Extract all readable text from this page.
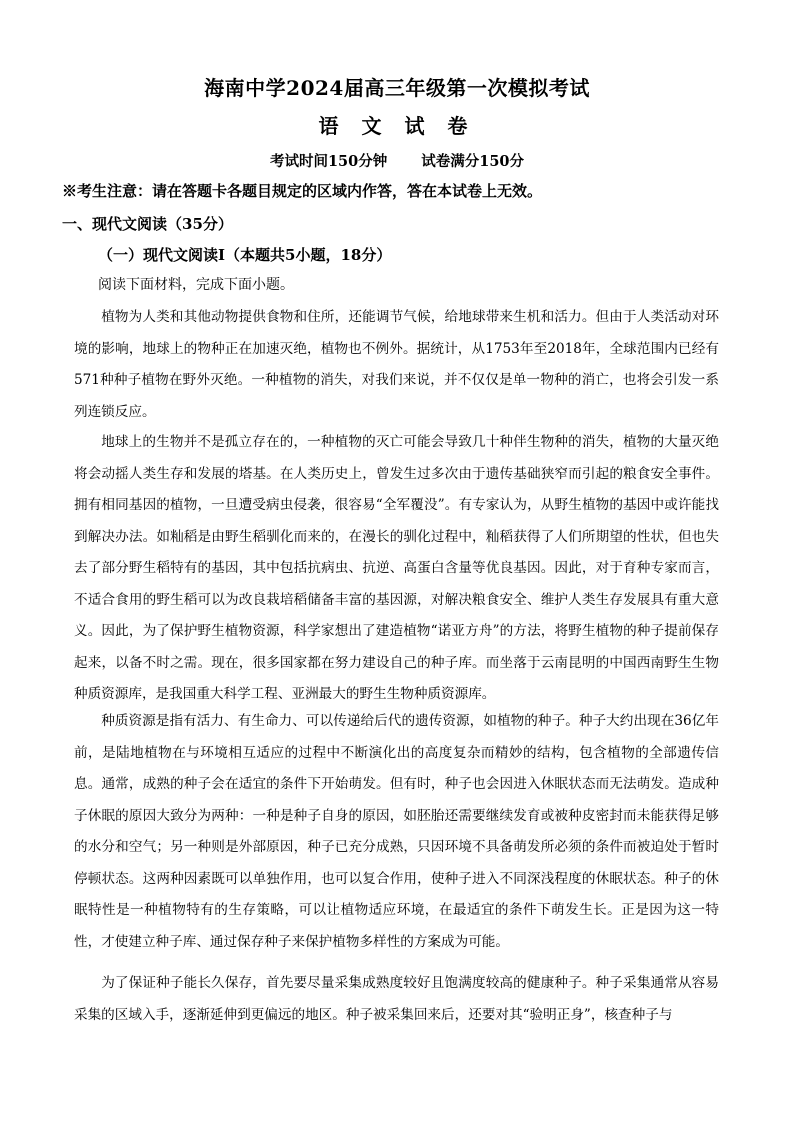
海南中学2024届高三年级第一次模拟考试
语 文 试 卷
考试时间150分钟 试卷满分150分
※考生注意：请在答题卡各题目规定的区域内作答，答在本试卷上无效。
一、现代文阅读（35分）
（一）现代文阅读Ⅰ（本题共5小题，18分）
阅读下面材料，完成下面小题。
植物为人类和其他动物提供食物和住所，还能调节气候，给地球带来生机和活力。但由于人类活动对环境的影响，地球上的物种正在加速灭绝，植物也不例外。据统计，从1753年至2018年，全球范围内已经有571种种子植物在野外灭绝。一种植物的消失，对我们来说，并不仅仅是单一物种的消亡，也将会引发一系列连锁反应。
地球上的生物并不是孤立存在的，一种植物的灭亡可能会导致几十种伴生物种的消失，植物的大量灭绝将会动摇人类生存和发展的塔基。在人类历史上，曾发生过多次由于遗传基础狭窄而引起的粮食安全事件。拥有相同基因的植物，一旦遭受病虫侵袭，很容易“全军覆没”。有专家认为，从野生植物的基因中或许能找到解决办法。如籼稻是由野生稻驯化而来的，在漫长的驯化过程中，籼稻获得了人们所期望的性状，但也失去了部分野生稻特有的基因，其中包括抗病虫、抗逆、高蛋白含量等优良基因。因此，对于育种专家而言，不适合食用的野生稻可以为改良栽培稻储备丰富的基因源，对解决粮食安全、维护人类生存发展具有重大意义。因此，为了保护野生植物资源，科学家想出了建造植物“诺亚方舟”的方法，将野生植物的种子提前保存起来，以备不时之需。现在，很多国家都在努力建设自己的种子库。而坐落于云南昆明的中国西南野生生物种质资源库，是我国重大科学工程、亚洲最大的野生生物种质资源库。
种质资源是指有活力、有生命力、可以传递给后代的遗传资源，如植物的种子。种子大约出现在36亿年前，是陆地植物在与环境相互适应的过程中不断演化出的高度复杂而精妙的结构，包含植物的全部遗传信息。通常，成熟的种子会在适宜的条件下开始萌发。但有时，种子也会因进入休眠状态而无法萌发。造成种子休眠的原因大致分为两种：一种是种子自身的原因，如胚胎还需要继续发育或被种皮密封而未能获得足够的水分和空气；另一种则是外部原因，种子已充分成熟，只因环境不具备萌发所必须的条件而被迫处于暂时停顿状态。这两种因素既可以单独作用，也可以复合作用，使种子进入不同深浅程度的休眠状态。种子的休眠特性是一种植物特有的生存策略，可以让植物适应环境，在最适宜的条件下萌发生长。正是因为这一特性，才使建立种子库、通过保存种子来保护植物多样性的方案成为可能。
为了保证种子能长久保存，首先要尽量采集成熟度较好且饱满度较高的健康种子。种子采集通常从容易采集的区域入手，逐渐延伸到更偏远的地区。种子被采集回来后，还要对其“验明正身”，核查种子与
